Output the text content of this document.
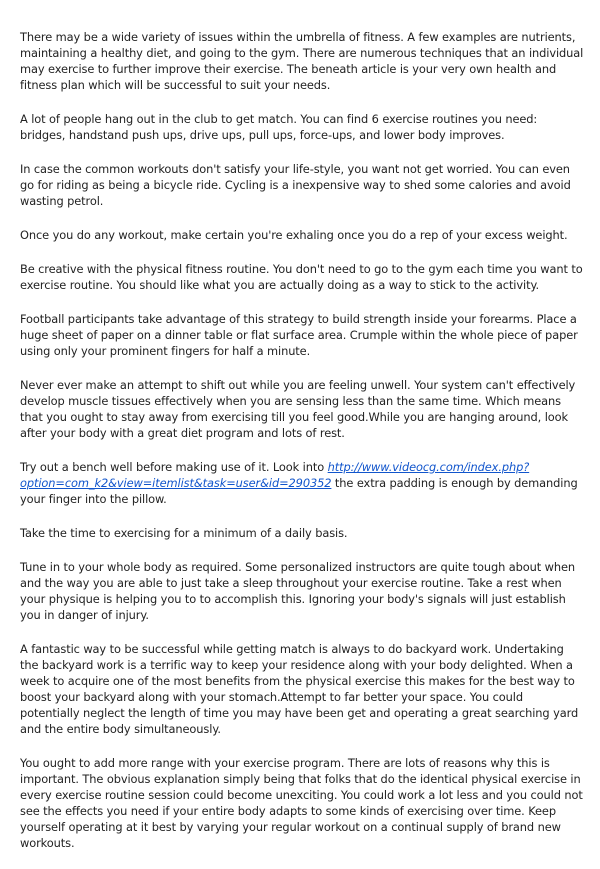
There may be a wide variety of issues within the umbrella of fitness. A few examples are nutrients, maintaining a healthy diet, and going to the gym. There are numerous techniques that an individual may exercise to further improve their exercise. The beneath article is your very own health and fitness plan which will be successful to suit your needs.

A lot of people hang out in the club to get match. You can find 6 exercise routines you need: bridges, handstand push ups, drive ups, pull ups, force-ups, and lower body improves.

In case the common workouts don't satisfy your life-style, you want not get worried. You can even go for riding as being a bicycle ride. Cycling is a inexpensive way to shed some calories and avoid wasting petrol.

Once you do any workout, make certain you're exhaling once you do a rep of your excess weight.

Be creative with the physical fitness routine. You don't need to go to the gym each time you want to exercise routine. You should like what you are actually doing as a way to stick to the activity.

Football participants take advantage of this strategy to build strength inside your forearms. Place a huge sheet of paper on a dinner table or flat surface area. Crumple within the whole piece of paper using only your prominent fingers for half a minute.

Never ever make an attempt to shift out while you are feeling unwell. Your system can't effectively develop muscle tissues effectively when you are sensing less than the same time. Which means that you ought to stay away from exercising till you feel good.While you are hanging around, look after your body with a great diet program and lots of rest.

Try out a bench well before making use of it. Look into http://www.videocg.com/index.php?option=com_k2&view=itemlist&task=user&id=290352 the extra padding is enough by demanding your finger into the pillow.

Take the time to exercising for a minimum of a daily basis.

Tune in to your whole body as required. Some personalized instructors are quite tough about when and the way you are able to just take a sleep throughout your exercise routine. Take a rest when your physique is helping you to to accomplish this. Ignoring your body's signals will just establish you in danger of injury.

A fantastic way to be successful while getting match is always to do backyard work. Undertaking the backyard work is a terrific way to keep your residence along with your body delighted. When a week to acquire one of the most benefits from the physical exercise this makes for the best way to boost your backyard along with your stomach.Attempt to far better your space. You could potentially neglect the length of time you may have been get and operating a great searching yard and the entire body simultaneously.

You ought to add more range with your exercise program. There are lots of reasons why this is important. The obvious explanation simply being that folks that do the identical physical exercise in every exercise routine session could become unexciting. You could work a lot less and you could not see the effects you need if your entire body adapts to some kinds of exercising over time. Keep yourself operating at it best by varying your regular workout on a continual supply of brand new workouts.
